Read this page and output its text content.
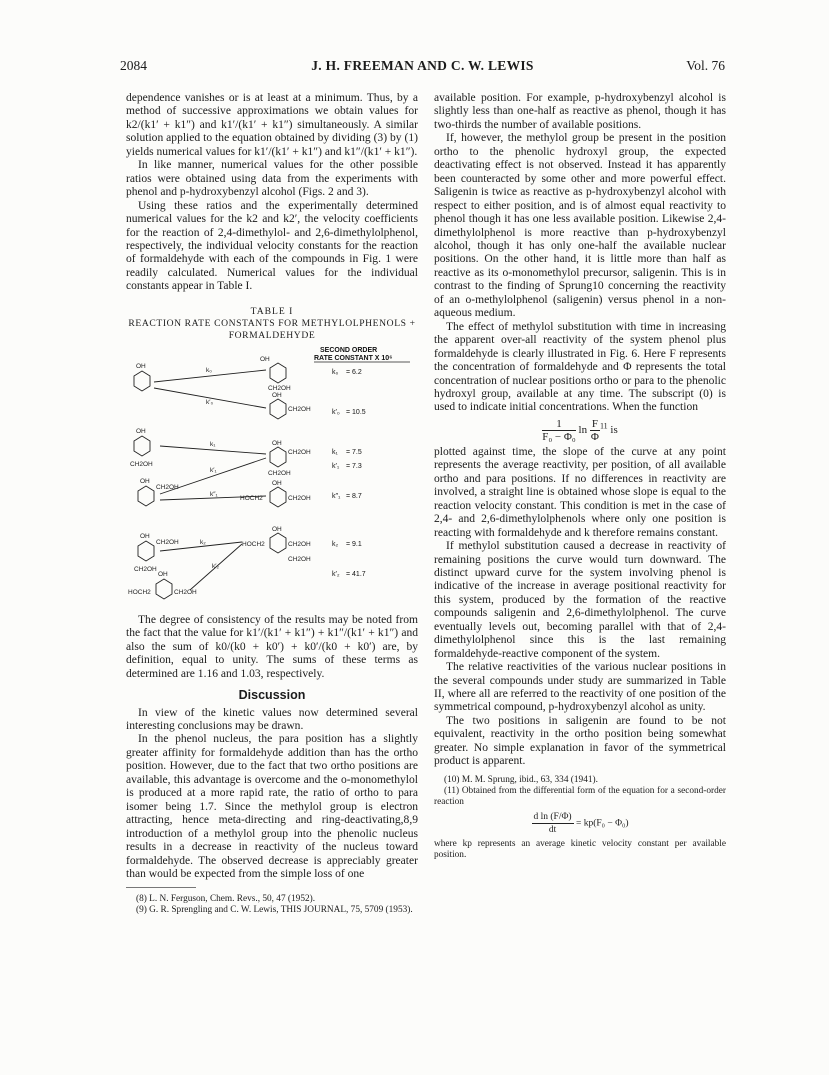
2084	J. H. FREEMAN AND C. W. LEWIS	Vol. 76

dependence vanishes or is at least at a minimum. Thus, by a method of successive approximations we obtain values for k2/(k1′ + k1″) and k1′/(k1′ + k1″) simultaneously. A similar solution applied to the equation obtained by dividing (3) by (1) yields numerical values for k1′/(k1′ + k1″) and k1″/(k1′ + k1″).

In like manner, numerical values for the other possible ratios were obtained using data from the experiments with phenol and p-hydroxybenzyl alcohol (Figs. 2 and 3).

Using these ratios and the experimentally determined numerical values for the k2 and k2′, the velocity coefficients for the reaction of 2,4-dimethylol- and 2,6-dimethylolphenol, respectively, the individual velocity constants for the reaction of formaldehyde with each of the compounds in Fig. 1 were readily calculated. Numerical values for the individual constants appear in Table I.

TABLE I
REACTION RATE CONSTANTS FOR METHYLOLPHENOLS +
FORMALDEHYDE
OH
OH
CH2OH
OH
CH2OH
OH
CH2OH
CH2OH
OH
HOCH2	CH2OH
OH
CH2OH
OH
CH2OH
OH
CH2OH
CH2OH
OH
HOCH2	CH2OH
OH
HOCH2	CH2OH
CH2OH
k₀
k′₀
k₁
k′₁
k″₁
k₂
k′₂
SECOND ORDER
RATE CONSTANT X 10⁶
k₀ = 6.2
k′₀ = 10.5
k₁ = 7.5
k′₁ = 7.3
k″₁ = 8.7
k₂ = 9.1
k′₂ = 41.7

The degree of consistency of the results may be noted from the fact that the value for k1′/(k1′ + k1″) + k1″/(k1′ + k1″) and also the sum of k0/(k0 + k0′) + k0′/(k0 + k0′) are, by definition, equal to unity. The sums of these terms as determined are 1.16 and 1.03, respectively.

Discussion

In view of the kinetic values now determined several interesting conclusions may be drawn.

In the phenol nucleus, the para position has a slightly greater affinity for formaldehyde addition than has the ortho position. However, due to the fact that two ortho positions are available, this advantage is overcome and the o-monomethylol is produced at a more rapid rate, the ratio of ortho to para isomer being 1.7. Since the methylol group is electron attracting, hence meta-directing and ring-deactivating,8,9 introduction of a methylol group into the phenolic nucleus results in a decrease in reactivity of the nucleus toward formaldehyde. The observed decrease is appreciably greater than would be expected from the simple loss of one

(8) L. N. Ferguson, Chem. Revs., 50, 47 (1952).

(9) G. R. Sprengling and C. W. Lewis, THIS JOURNAL, 75, 5709 (1953).

available position. For example, p-hydroxybenzyl alcohol is slightly less than one-half as reactive as phenol, though it has two-thirds the number of available positions.

If, however, the methylol group be present in the position ortho to the phenolic hydroxyl group, the expected deactivating effect is not observed. Instead it has apparently been counteracted by some other and more powerful effect. Saligenin is twice as reactive as p-hydroxybenzyl alcohol with respect to either position, and is of almost equal reactivity to phenol though it has one less available position. Likewise 2,4-dimethylolphenol is more reactive than p-hydroxybenzyl alcohol, though it has only one-half the available nuclear positions. On the other hand, it is little more than half as reactive as its o-monomethylol precursor, saligenin. This is in contrast to the finding of Sprung10 concerning the reactivity of an o-methylolphenol (saligenin) versus phenol in a non-aqueous medium.

The effect of methylol substitution with time in increasing the apparent over-all reactivity of the system phenol plus formaldehyde is clearly illustrated in Fig. 6. Here F represents the concentration of formaldehyde and Φ represents the total concentration of nuclear positions ortho or para to the phenolic hydroxyl group, available at any time. The subscript (0) is used to indicate initial concentrations. When the function

$\frac{1}{\text{F₀ − Φ₀}}$ $\ln \frac{F}{\Phi} ^{11}$ is

plotted against time, the slope of the curve at any point represents the average reactivity, per position, of all available ortho and para positions. If no differences in reactivity are involved, a straight line is obtained whose slope is equal to the reaction velocity constant. This condition is met in the case of 2,4- and 2,6-dimethylolphenols where only one position is reacting with formaldehyde and k therefore remains constant.

If methylol substitution caused a decrease in reactivity of remaining positions the curve would turn downward. The distinct upward curve for the system involving phenol is indicative of the increase in average positional reactivity for this system, produced by the formation of the reactive compounds saligenin and 2,6-dimethylolphenol. The curve eventually levels out, becoming parallel with that of 2,4-dimethylolphenol since this is the last remaining formaldehyde-reactive component of the system.

The relative reactivities of the various nuclear positions in the several compounds under study are summarized in Table II, where all are referred to the reactivity of one position of the symmetrical compound, p-hydroxybenzyl alcohol as unity.

The two positions in saligenin are found to be not equivalent, reactivity in the ortho position being somewhat greater. No simple explanation in favor of the symmetrical product is apparent.

(10) M. M. Sprung, ibid., 63, 334 (1941).

(11) Obtained from the differential form of the equation for a second-order reaction

$\frac{\text{d ln (F/Φ)}}{dt} = kp(F_0 - \Phi_0)$

where kp represents an average kinetic velocity constant per available position.
